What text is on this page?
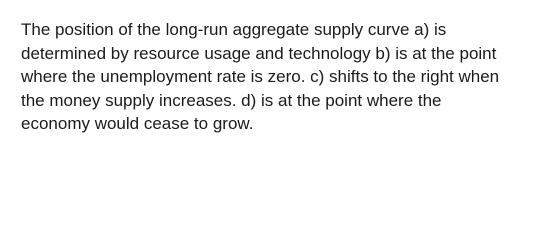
The position of the long-run aggregate supply curve a) is
determined by resource usage and technology b) is at the point
where the unemployment rate is zero. c) shifts to the right when
the money supply increases. d) is at the point where the
economy would cease to grow.
